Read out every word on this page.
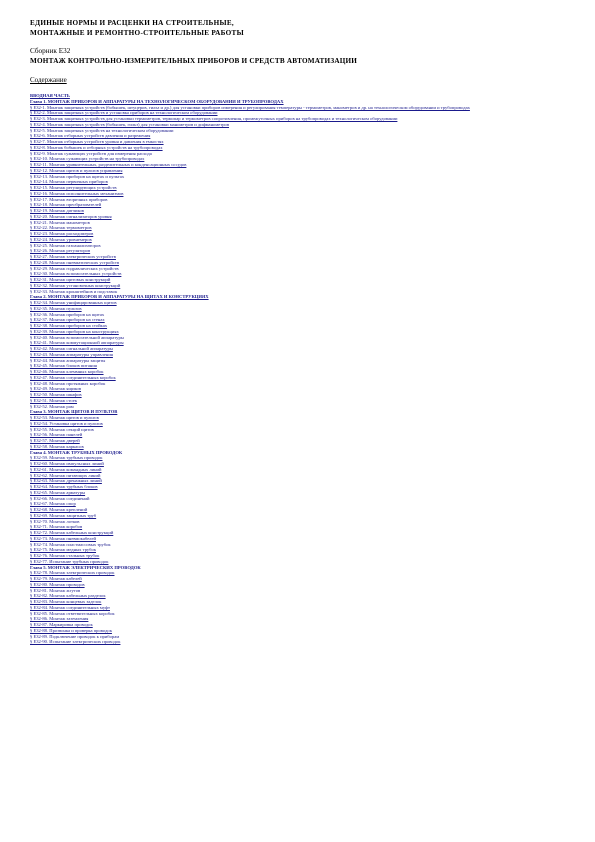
ЕДИНЫЕ НОРМЫ И РАСЦЕНКИ НА СТРОИТЕЛЬНЫЕ,
МОНТАЖНЫЕ И РЕМОНТНО-СТРОИТЕЛЬНЫЕ РАБОТЫ
Сборник Е32
МОНТАЖ КОНТРОЛЬНО-ИЗМЕРИТЕЛЬНЫХ ПРИБОРОВ И СРЕДСТВ АВТОМАТИЗАЦИИ
Содержание
ВВОДНАЯ ЧАСТЬ
Глава 1. МОНТАЖ ПРИБОРОВ И АППАРАТУРЫ НА ТЕХНОЛОГИЧЕСКОМ ОБОРУДОВАНИИ И ТРУБОПРОВОДАХ
§ Е32-1. Монтаж защитных устройств (бобышек, штуцеров, гильз и др.) для установки приборов измерения и регулирования температуры - термометров, манометров и др. на технологическом оборудовании и трубопроводах
§ Е32-2. Монтаж защитных устройств и установка приборов на технологическом оборудовании
§ Е32-3. Монтаж защитных устройств для установки термометров, термопар и термометров сопротивления, промежуточных приборов на трубопроводах и технологическом оборудовании
§ Е32-4. Монтаж защитных устройств (бобышек, гильз) для установки манометров и дифманометров
§ Е32-5. Монтаж защитных устройств на технологическом оборудовании
§ Е32-6. Монтаж отборных устройств давления и разрежения
§ Е32-7. Монтаж отборных устройств уровня и давления в емкостях
§ Е32-8. Монтаж бобышек и отборных устройств на трубопроводах
§ Е32-9. Монтаж сужающих устройств для измерения расхода
§ Е32-10. Монтаж сужающих устройств на трубопроводах
§ Е32-11. Монтаж уравнительных, разделительных и конденсационных сосудов
§ Е32-12. Монтаж щитов и пультов управления
§ Е32-13. Монтаж приборов на щитах и пультах
§ Е32-14. Монтаж первичных приборов
§ Е32-15. Монтаж регулирующих устройств
§ Е32-16. Монтаж исполнительных механизмов
§ Е32-17. Монтаж вторичных приборов
§ Е32-18. Монтаж преобразователей
§ Е32-19. Монтаж датчиков
§ Е32-20. Монтаж сигнализаторов уровня
§ Е32-21. Монтаж манометров
§ Е32-22. Монтаж термометров
§ Е32-23. Монтаж расходомеров
§ Е32-24. Монтаж уровнемеров
§ Е32-25. Монтаж газоанализаторов
§ Е32-26. Монтаж регуляторов
§ Е32-27. Монтаж электрических устройств
§ Е32-28. Монтаж пневматических устройств
§ Е32-29. Монтаж гидравлических устройств
§ Е32-30. Монтаж вспомогательных устройств
§ Е32-31. Монтаж щитовых конструкций
§ Е32-32. Монтаж установочных конструкций
§ Е32-33. Монтаж кронштейнов и подставок
Глава 2. МОНТАЖ ПРИБОРОВ И АППАРАТУРЫ НА ЩИТАХ И КОНСТРУКЦИЯХ
§ Е32-34. Монтаж унифицированных щитов
§ Е32-35. Монтаж пультов
§ Е32-36. Монтаж приборов на щитах
§ Е32-37. Монтаж приборов на стенах
§ Е32-38. Монтаж приборов на стойках
§ Е32-39. Монтаж приборов на конструкциях
§ Е32-40. Монтаж вспомогательной аппаратуры
§ Е32-41. Монтаж коммутационной аппаратуры
§ Е32-42. Монтаж сигнальной аппаратуры
§ Е32-43. Монтаж аппаратуры управления
§ Е32-44. Монтаж аппаратуры защиты
§ Е32-45. Монтаж блоков питания
§ Е32-46. Монтаж клеммных коробок
§ Е32-47. Монтаж соединительных коробок
§ Е32-48. Монтаж протяжных коробок
§ Е32-49. Монтаж ящиков
§ Е32-50. Монтаж шкафов
§ Е32-51. Монтаж стоек
§ Е32-52. Монтаж рам
Глава 3. МОНТАЖ ЩИТОВ И ПУЛЬТОВ
§ Е32-53. Монтаж щитов и пультов
§ Е32-54. Установка щитов и пультов
§ Е32-55. Монтаж секций щитов
§ Е32-56. Монтаж панелей
§ Е32-57. Монтаж дверей
§ Е32-58. Монтаж каркасов
Глава 4. МОНТАЖ ТРУБНЫХ ПРОВОДОК
§ Е32-59. Монтаж трубных проводок
§ Е32-60. Монтаж импульсных линий
§ Е32-61. Монтаж командных линий
§ Е32-62. Монтаж питающих линий
§ Е32-63. Монтаж дренажных линий
§ Е32-64. Монтаж трубных блоков
§ Е32-65. Монтаж арматуры
§ Е32-66. Монтаж соединений
§ Е32-67. Монтаж опор
§ Е32-68. Монтаж креплений
§ Е32-69. Монтаж защитных труб
§ Е32-70. Монтаж лотков
§ Е32-71. Монтаж коробов
§ Е32-72. Монтаж кабельных конструкций
§ Е32-73. Монтаж пневмокабелей
§ Е32-74. Монтаж пластмассовых трубок
§ Е32-75. Монтаж медных трубок
§ Е32-76. Монтаж стальных трубок
§ Е32-77. Испытание трубных проводок
Глава 5. МОНТАЖ ЭЛЕКТРИЧЕСКИХ ПРОВОДОК
§ Е32-78. Монтаж электрических проводок
§ Е32-79. Монтаж кабелей
§ Е32-80. Монтаж проводов
§ Е32-81. Монтаж жгутов
§ Е32-82. Монтаж кабельных разделок
§ Е32-83. Монтаж концевых заделок
§ Е32-84. Монтаж соединительных муфт
§ Е32-85. Монтаж ответвительных коробок
§ Е32-86. Монтаж заземления
§ Е32-87. Маркировка проводок
§ Е32-88. Прозвонка и проверка проводок
§ Е32-89. Подключение проводок к приборам
§ Е32-90. Испытание электрических проводок
